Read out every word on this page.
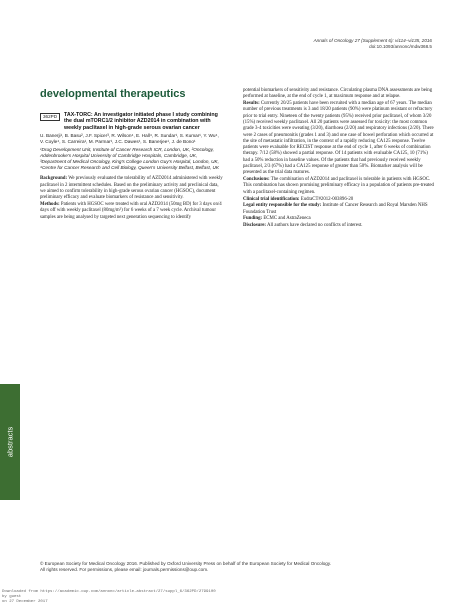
Annals of Oncology 27 (Supplement 6): vi114–vi135, 2016
doi:10.1093/annonc/mdw368.5
developmental therapeutics
362PD	TAX-TORC: An investigator initiated phase I study combining the dual mTORC1/2 inhibitor AZD2014 in combination with weekly paclitaxel in high-grade serous ovarian cancer
U. Banerji¹, B. Basu², J.F. Spicer³, R. Wilson⁴, E. Hall⁴, R. Sundar¹, S. Kumar¹, Y. Wu⁴, V. Coyle⁴, S. Carreira¹, M. Parmar¹, J.C. Dawes¹, S. Banerjee¹, J. de Bono¹
¹Drug Development Unit, Institute of Cancer Research ICR, London, UK, ²Oncology, Addenbrooke's Hospital University of Cambridge Hospitals, Cambridge, UK, ³Department of Medical Oncology, King's College London Guy's Hospital, London, UK, ⁴Centre for Cancer Research and Cell Biology, Queen's University Belfast, Belfast, UK

Background: We previously evaluated the tolerability of AZD2014 administered with weekly paclitaxel in 2 intermittent schedules. Based on the preliminary activity and preclinical data, we aimed to confirm tolerability in high-grade serous ovarian cancer (HGSOC), document preliminary efficacy and evaluate biomarkers of resistance and sensitivity.

Methods: Patients with HGSOC were treated with oral AZD2014 (50mg BD) for 3 days on/4 days off with weekly paclitaxel (80mg/m²) for 6 weeks of a 7 week cycle. Archival tumour samples are being analysed by targeted next generation sequencing to identify

potential biomarkers of sensitivity and resistance. Circulating plasma DNA assessments are being performed at baseline, at the end of cycle 1, at maximum response and at relapse.

Results: Currently 20/25 patients have been recruited with a median age of 67 years. The median number of previous treatments is 3 and 18/20 patients (90%) were platinum resistant or refractory prior to trial entry. Nineteen of the twenty patients (95%) received prior paclitaxel, of whom 3/20 (15%) received weekly paclitaxel. All 20 patients were assessed for toxicity: the most common grade 3-4 toxicities were sweating (3/20), diarrhoea (2/20) and respiratory infections (2/20). There were 2 cases of pneumonitis (grades 1 and 3) and one case of bowel perforation which occurred at the site of metastatic infiltration, in the context of a rapidly reducing CA125 response. Twelve patients were evaluable for RECIST response at the end of cycle 1, after 6 weeks of combination therapy. 7/12 (58%) showed a partial response. Of 14 patients with evaluable CA125, 10 (71%) had a 50% reduction in baseline values. Of the patients that had previously received weekly paclitaxel, 2/3 (67%) had a CA125 response of greater than 50%. Biomarker analysis will be presented as the trial data matures.

Conclusions: The combination of AZD2014 and paclitaxel is tolerable in patients with HGSOC. This combination has shown promising preliminary efficacy in a population of patients pre-treated with a paclitaxel-containing regimen.

Clinical trial identification: EudraCT#2012-003896-20

Legal entity responsible for the study: Institute of Cancer Research and Royal Marsden NHS Foundation Trust

Funding: ECMC and AstraZeneca

Disclosure: All authors have declared no conflicts of interest.

abstracts
© European Society for Medical Oncology 2016. Published by Oxford University Press on behalf of the European Society for Medical Oncology.
All rights reserved. For permissions, please email: journals.permissions@oup.com.
Downloaded from https://academic.oup.com/annonc/article-abstract/27/suppl_6/362PD/2799100
by guest
on 27 December 2017
